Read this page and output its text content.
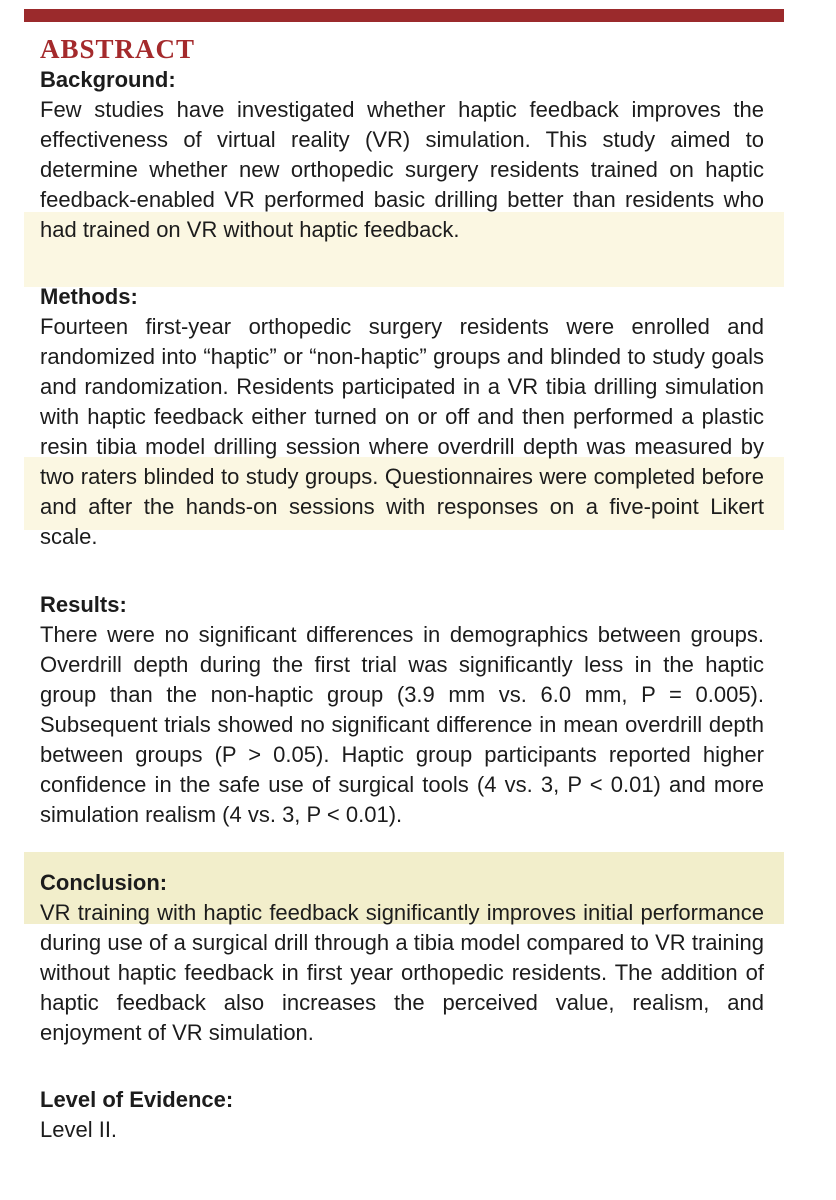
ABSTRACT
Background:

Few studies have investigated whether haptic feedback improves the effectiveness of virtual reality (VR) simulation. This study aimed to determine whether new orthopedic surgery residents trained on haptic feedback-enabled VR performed basic drilling better than residents who had trained on VR without haptic feedback.

Methods:

Fourteen first-year orthopedic surgery residents were enrolled and randomized into “haptic” or “non-haptic” groups and blinded to study goals and randomization. Residents participated in a VR tibia drilling simulation with haptic feedback either turned on or off and then performed a plastic resin tibia model drilling session where overdrill depth was measured by two raters blinded to study groups. Questionnaires were completed before and after the hands-on sessions with responses on a five-point Likert scale.

Results:

There were no significant differences in demographics between groups. Overdrill depth during the first trial was significantly less in the haptic group than the non-haptic group (3.9 mm vs. 6.0 mm, P = 0.005). Subsequent trials showed no significant difference in mean overdrill depth between groups (P > 0.05). Haptic group participants reported higher confidence in the safe use of surgical tools (4 vs. 3, P < 0.01) and more simulation realism (4 vs. 3, P < 0.01).

Conclusion:

VR training with haptic feedback significantly improves initial performance during use of a surgical drill through a tibia model compared to VR training without haptic feedback in first year orthopedic residents. The addition of haptic feedback also increases the perceived value, realism, and enjoyment of VR simulation.

Level of Evidence:

Level II.
